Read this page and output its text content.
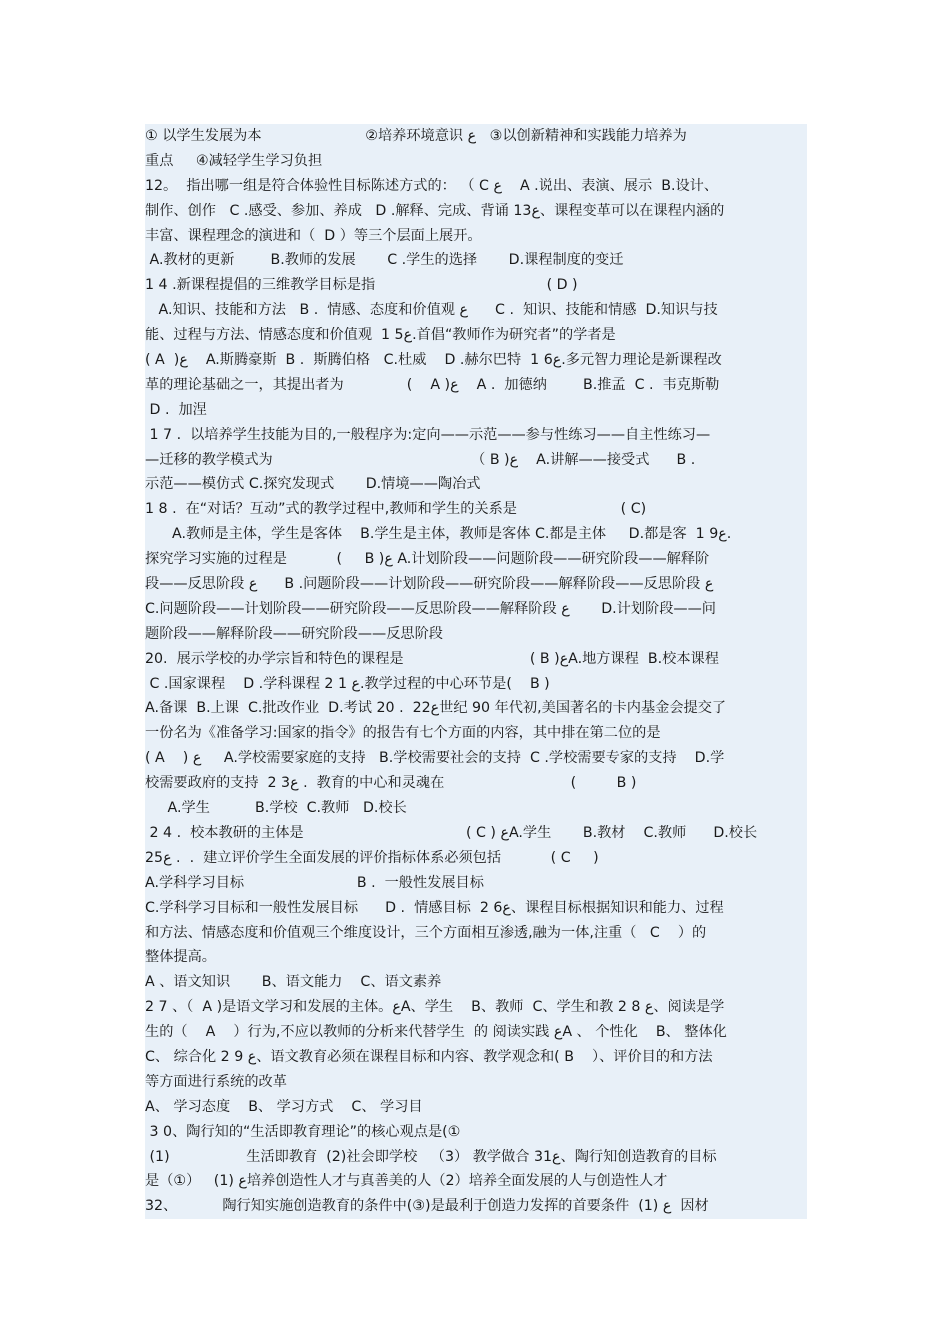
① 以学生发展为本                       ②培养环境意识 ﻉ   ③以创新精神和实践能力培养为
重点     ④减轻学生学习负担
12。  指出哪一组是符合体验性目标陈述方式的： （ C ﻉ    A .说出、表演、展示  B.设计、
制作、创作   C .感受、参加、养成   D .解释、完成、背诵 13ﻉ、课程变革可以在课程内涵的
丰富、课程理念的演进和（  D ）等三个层面上展开。
A.教材的更新        B.教师的发展       C .学生的选择       D.课程制度的变迁
1 4 .新课程提倡的三维教学目标是指                                      ( D )
A.知识、技能和方法   B .  情感、态度和价值观 ﻉ      C .  知识、技能和情感  D.知识与技
能、过程与方法、情感态度和价值观  1 5ﻉ.首倡“教师作为研究者”的学者是
( A  )ﻉ    A.斯腾豪斯  B .  斯腾伯格   C.杜威    D .赫尔巴特  1 6ﻉ.多元智力理论是新课程改
革的理论基础之一，其提出者为              (    A )ﻉ    A .  加德纳        B.推孟  C .  韦克斯勒
D .  加涅
1 7 .  以培养学生技能为目的,一般程序为:定向——示范——参与性练习——自主性练习—
—迁移的教学模式为                                            （ B )ﻉ    A.讲解——接受式      B .
示范——模仿式 C.探究发现式       D.情境——陶冶式
1 8 .  在“对话？互动”式的教学过程中,教师和学生的关系是                       ( C)
A.教师是主体，学生是客体    B.学生是主体，教师是客体 C.都是主体     D.都是客  1 9ﻉ.
探究学习实施的过程是           (     B )ﻉ A.计划阶段——问题阶段——研究阶段——解释阶
段——反思阶段 ﻉ      B .问题阶段——计划阶段——研究阶段——解释阶段——反思阶段 ﻉ
C.问题阶段——计划阶段——研究阶段——反思阶段——解释阶段 ﻉ       D.计划阶段——问
题阶段——解释阶段——研究阶段——反思阶段
20.  展示学校的办学宗旨和特色的课程是                            ( B )ﻉA.地方课程  B.校本课程
C .国家课程    D .学科课程 2 1 ﻉ.教学过程的中心环节是(    B )
A.备课  B.上课  C.批改作业  D.考试 20 .  22ﻉ世纪 90 年代初,美国著名的卡内基金会提交了
一份名为《准备学习:国家的指令》的报告有七个方面的内容，其中排在第二位的是
( A    ) ﻉ     A.学校需要家庭的支持   B.学校需要社会的支持  C .学校需要专家的支持    D.学
校需要政府的支持  2 3ﻉ .  教育的中心和灵魂在                            (         B )
A.学生          B.学校  C.教师   D.校长
2 4 .  校本教研的主体是                                    ( C ) ﻉA.学生       B.教材    C.教师      D.校长
25ﻉ .  .  建立评价学生全面发展的评价指标体系必须包括           ( C     )
A.学科学习目标                         B .  一般性发展目标
C.学科学习目标和一般性发展目标      D .  情感目标  2 6ﻉ、课程目标根据知识和能力、过程
和方法、情感态度和价值观三个维度设计，三个方面相互渗透,融为一体,注重（   C    ）的
整体提高。
A 、语文知识       B、语文能力    C、语文素养
2 7 、（  A )是语文学习和发展的主体。ﻉA、学生    B、教师  C、学生和教 2 8 ﻉ、阅读是学
生的（    A    ）行为,不应以教师的分析来代替学生  的 阅读实践 ﻉA 、 个性化    B、 整体化
C、 综合化 2 9 ﻉ、语文教育必须在课程目标和内容、教学观念和( B    ）、评价目的和方法
等方面进行系统的改革
A、 学习态度    B、 学习方式    C、 学习目
3 0、陶行知的“生活即教育理论”的核心观点是(①
(1)                 生活即教育  (2)社会即学校   （3） 教学做合 31ﻉ、陶行知创造教育的目标
是（①）   (1) ﻉ培养创造性人才与真善美的人（2）培养全面发展的人与创造性人才
32、          陶行知实施创造教育的条件中(③)是最利于创造力发挥的首要条件  (1) ﻉ  因材
